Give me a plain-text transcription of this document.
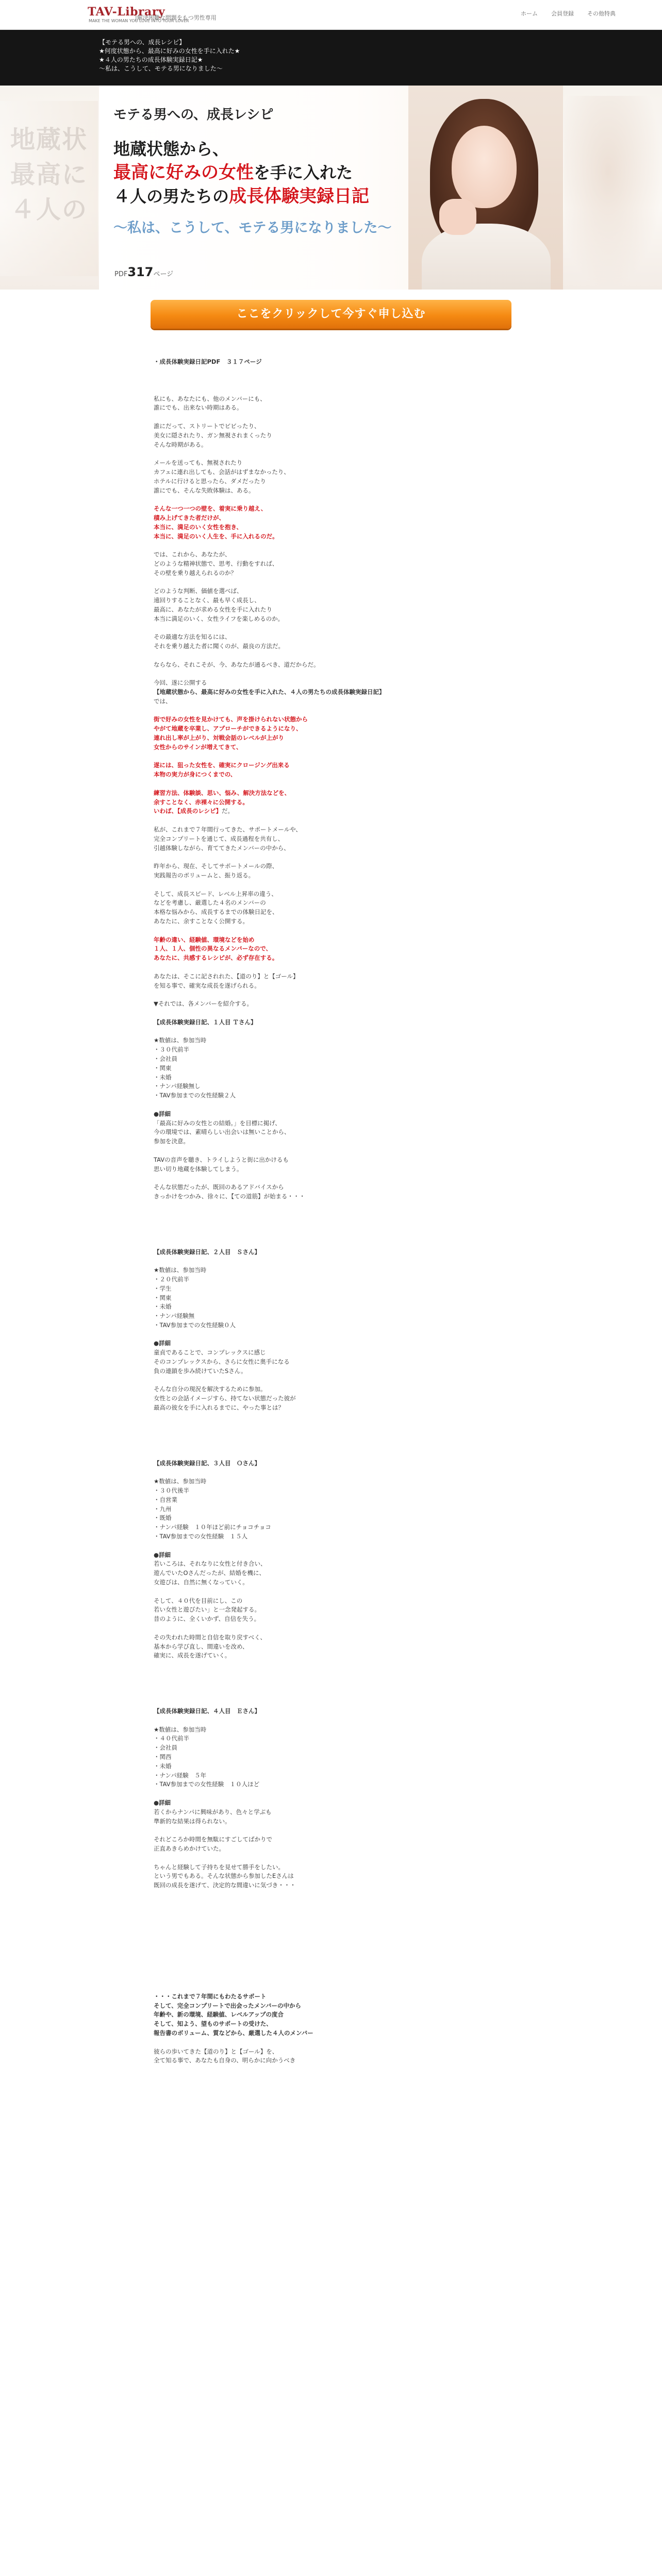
TAV-Library
MAKE THE WOMAN YOU LOVE INTO YOUR LOVER
|解決困難な問題をもつ男性専用
ホーム 会員登録 その他特典
【モテる男への、成長レシピ】
★何度状態から、最高に好みの女性を手に入れた★
★４人の男たちの成長体験実録日記★
〜私は、こうして、モテる男になりました〜
地蔵状
最高に
４人の
モテる男への、成長レシピ
地蔵状態から、
最高に好みの女性を手に入れた
４人の男たちの成長体験実録日記
〜私は、こうして、モテる男になりました〜
PDF317ページ
ここをクリックして今すぐ申し込む

・成長体験実録日記PDF　３１７ページ

私にも、あなたにも、他のメンバーにも、
誰にでも、出来ない時期はある。

誰にだって、ストリートでビビったり、
美女に隠されたり、ガン無視されまくったり
そんな時期がある。

メールを送っても、無視されたり
カフェに連れ出しても、会話がはずまなかったり、
ホテルに行けると思ったら、ダメだったり
誰にでも、そんな失敗体験は、ある。

そんな一つ一つの壁を、着実に乗り越え、
積み上げてきた者だけが、
本当に、満足のいく女性を抱き、
本当に、満足のいく人生を、手に入れるのだ。

では、これから、あなたが、
どのような精神状態で、思考、行動をすれば、
その壁を乗り越えられるのか？

どのような判断、価値を選べば、
遠回りすることなく、最も早く成長し、
最高に、あなたが求める女性を手に入れたり
本当に満足のいく、女性ライフを楽しめるのか。

その最適な方法を知るには、
それを乗り越えた者に聞くのが、最良の方法だ。

ならなら、それこそが、今、あなたが通るべき、道だからだ。

今回、遂に公開する
【地蔵状態から、最高に好みの女性を手に入れた、４人の男たちの成長体験実録日記】
では、

街で好みの女性を見かけても、声を掛けられない状態から
やがて地蔵を卒業し、アプローチができるようになり、
連れ出し率が上がり、対戦会話のレベルが上がり
女性からのサインが増えてきて、

遂には、狙った女性を、確実にクロージング出来る
本物の実力が身につくまでの、

練習方法、体験談、思い、悩み、解決方法などを、
余すことなく、赤裸々に公開する。
いわば、【成長のレシピ】だ。

私が、これまで７年間行ってきた、サポートメールや、
完全コンプリートを通じて、成長過程を共有し、
引越体験しながら、育ててきたメンバーの中から、

昨年から、現在、そしてサポートメールの際、
実践報告のボリュームと、振り返る。

そして、成長スピード、レベル上昇率の違う、
などを考慮し、厳選した４名のメンバーの
本格な悩みから、成長するまでの体験日記を、
あなたに、余すことなく公開する。

年齢の違い、経験値、環境などを始め
１人、１人、個性の異なるメンバーなので、
あなたに、共感するレシピが、必ず存在する。

あなたは、そこに記されれた、【道のり】と【ゴール】
を知る事で、確実な成長を遂げられる。

▼それでは、各メンバーを紹介する。

【成長体験実録日記、１人目 Ｔさん】

★数値は、参加当時
・３０代前半
・会社員
・関東
・未婚
・ナンパ経験無し
・TAV参加までの女性経験２人

●詳細
「最高に好みの女性との結婚。」を目標に掲げ、
今の環境では、素晴らしい出会いは無いことから、
参加を決意。

TAVの音声を聴き、トライしようと街に出かけるも
思い切り地蔵を体験してしまう。

そんな状態だったが、既回のあるアドバイスから
きっかけをつかみ、徐々に、【ての道筋】が始まる・・・

【成長体験実録日記、２人目　Ｓさん】

★数値は、参加当時
・２０代前半
・学生
・関東
・未婚
・ナンパ経験無
・TAV参加までの女性経験０人

●詳細
童貞であることで、コンプレックスに感じ
そのコンプレックスから、さらに女性に奥手になる
負の連鎖を歩み続けていたSさん。

そんな自分の現況を解決するために参加。
女性との会話イメージすら、持てない状態だった彼が
最高の彼女を手に入れるまでに、やった事とは？

【成長体験実録日記、３人目　Ｏさん】

★数値は、参加当時
・３０代後半
・自営業
・九州
・既婚
・ナンパ経験　１０年ほど前にチョコチョコ
・TAV参加までの女性経験　１５人

●詳細
若いころは、それなりに女性と付き合い、
遊んでいたOさんだったが、結婚を機に、
女遊びは、自然に無くなっていく。

そして、４０代を目前にし、この
若い女性と遊びたい」と一念発起する。
昔のように、全くいかず、自信を失う。

その失われた時間と自信を取り戻すべく、
基本から学び直し、間違いを改め、
確実に、成長を遂げていく。

【成長体験実録日記、４人目　Ｅさん】

★数値は、参加当時
・４０代前半
・会社員
・関西
・未婚
・ナンパ経験　５年
・TAV参加までの女性経験　１０人ほど

●詳細
若くからナンパに興味があり、色々と学ぶも
準新的な結果は得られない。

それどころか時間を無駄にすごしてばかりで
正直あきらめかけていた。

ちゃんと経験して子持ちを見せて勝手をしたい。
という男でもある。そんな状態から参加したEさんは
既回の成長を遂げて、決定的な間違いに気づき・・・

・・・これまで７年間にもわたるサポート
そして、完全コンプリートで出会ったメンバーの中から
年齢や、新の環境、経験値、レベルアップの度合
そして、知よう、望ものサポートの受けた、
報告書のボリューム、質などから、厳選した４人のメンバー

彼らの歩いてきた【道のり】と【ゴール】を、
全て知る事で、あなたも自身の、明らかに向かうべき
